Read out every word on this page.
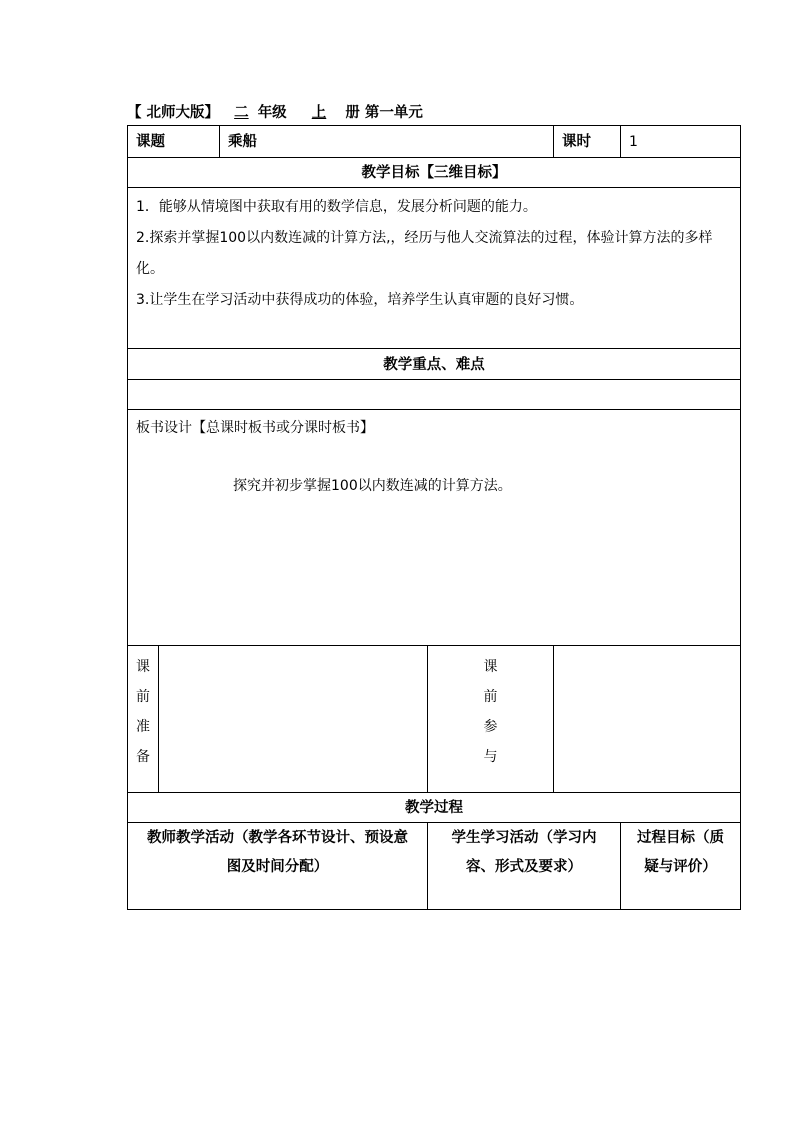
【 北师大版】 二 年级 上 册 第一单元
课题		乘船		课时	1
教学目标【三维目标】					

1．能够从情境图中获取有用的数学信息，发展分析问题的能力。

2.探索并掌握100以内数连减的计算方法,，经历与他人交流算法的过程，体验计算方法的多样化。

3.让学生在学习活动中获得成功的体验，培养学生认真审题的良好习惯。					

教学重点、难点					

板书设计【总课时板书或分课时板书】
探究并初步掌握100以内数连减的计算方法。					

课
前
准
备			课
前
参
与		

教学过程					

教师教学活动（教学各环节设计、预设意图及时间分配）			学生学习活动（学习内容、形式及要求）		过程目标（质疑与评价）
